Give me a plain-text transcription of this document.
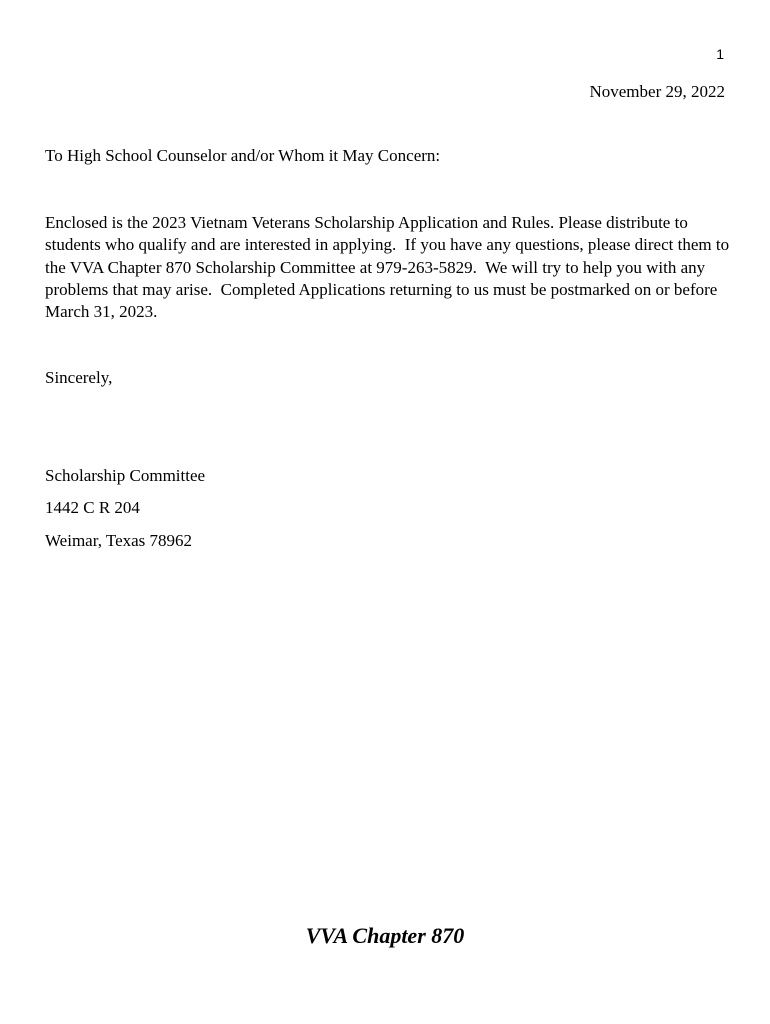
1
November 29, 2022
To High School Counselor and/or Whom it May Concern:
Enclosed is the 2023 Vietnam Veterans Scholarship Application and Rules. Please distribute to students who qualify and are interested in applying.  If you have any questions, please direct them to the VVA Chapter 870 Scholarship Committee at 979-263-5829.  We will try to help you with any problems that may arise.  Completed Applications returning to us must be postmarked on or before March 31, 2023.
Sincerely,
Scholarship Committee
1442 C R 204
Weimar, Texas 78962
VVA Chapter 870
